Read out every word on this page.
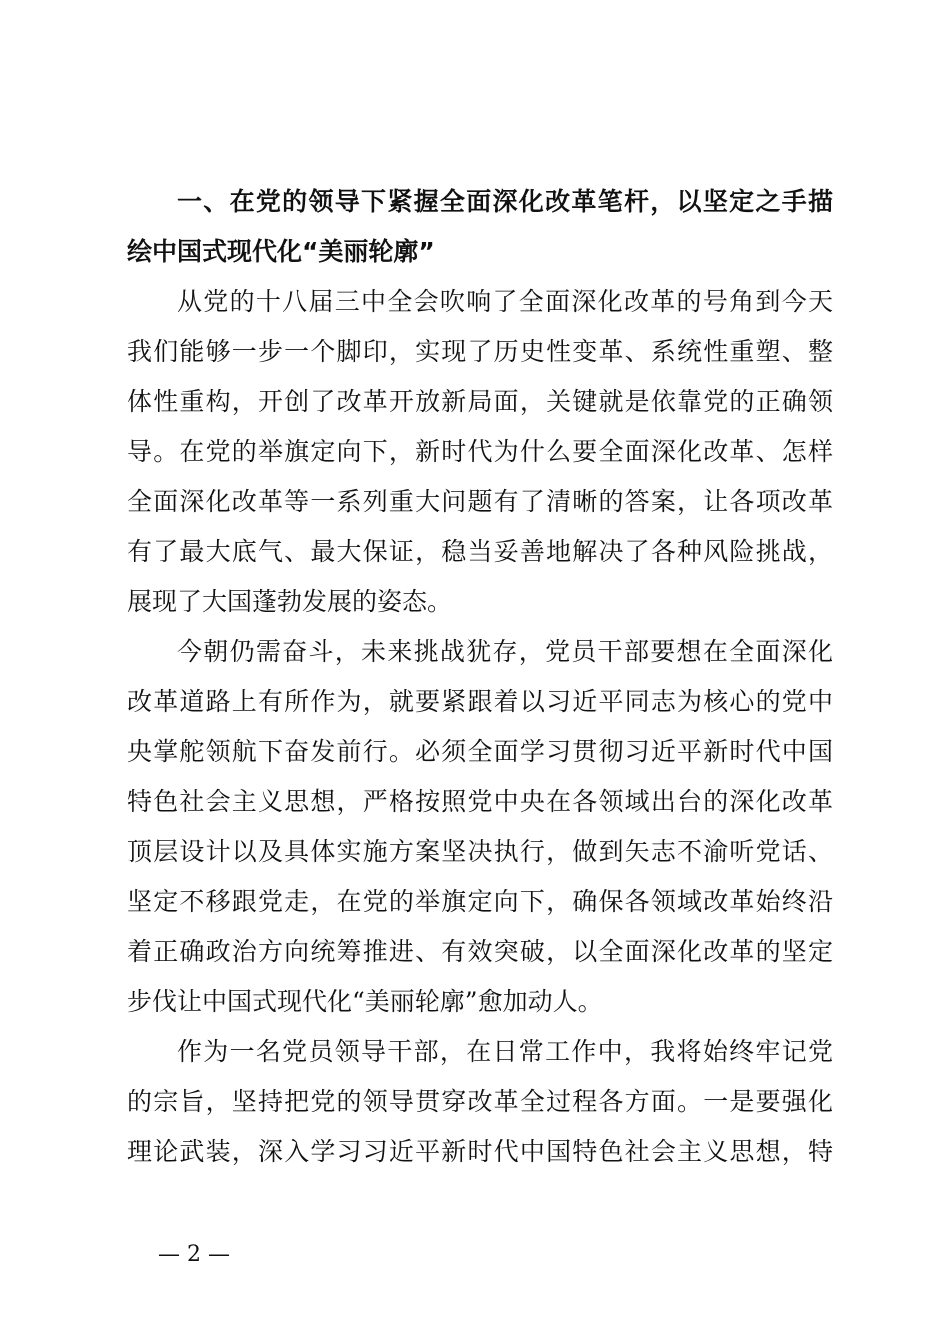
一、在党的领导下紧握全面深化改革笔杆，以坚定之手描

绘中国式现代化“美丽轮廓”

从党的十八届三中全会吹响了全面深化改革的号角到今天

我们能够一步一个脚印，实现了历史性变革、系统性重塑、整

体性重构，开创了改革开放新局面，关键就是依靠党的正确领

导。在党的举旗定向下，新时代为什么要全面深化改革、怎样

全面深化改革等一系列重大问题有了清晰的答案，让各项改革

有了最大底气、最大保证，稳当妥善地解决了各种风险挑战，

展现了大国蓬勃发展的姿态。

今朝仍需奋斗，未来挑战犹存，党员干部要想在全面深化

改革道路上有所作为，就要紧跟着以习近平同志为核心的党中

央掌舵领航下奋发前行。必须全面学习贯彻习近平新时代中国

特色社会主义思想，严格按照党中央在各领域出台的深化改革

顶层设计以及具体实施方案坚决执行，做到矢志不渝听党话、

坚定不移跟党走，在党的举旗定向下，确保各领域改革始终沿

着正确政治方向统筹推进、有效突破，以全面深化改革的坚定

步伐让中国式现代化“美丽轮廓”愈加动人。

作为一名党员领导干部，在日常工作中，我将始终牢记党

的宗旨，坚持把党的领导贯穿改革全过程各方面。一是要强化

理论武装，深入学习习近平新时代中国特色社会主义思想，特

— 2 —
